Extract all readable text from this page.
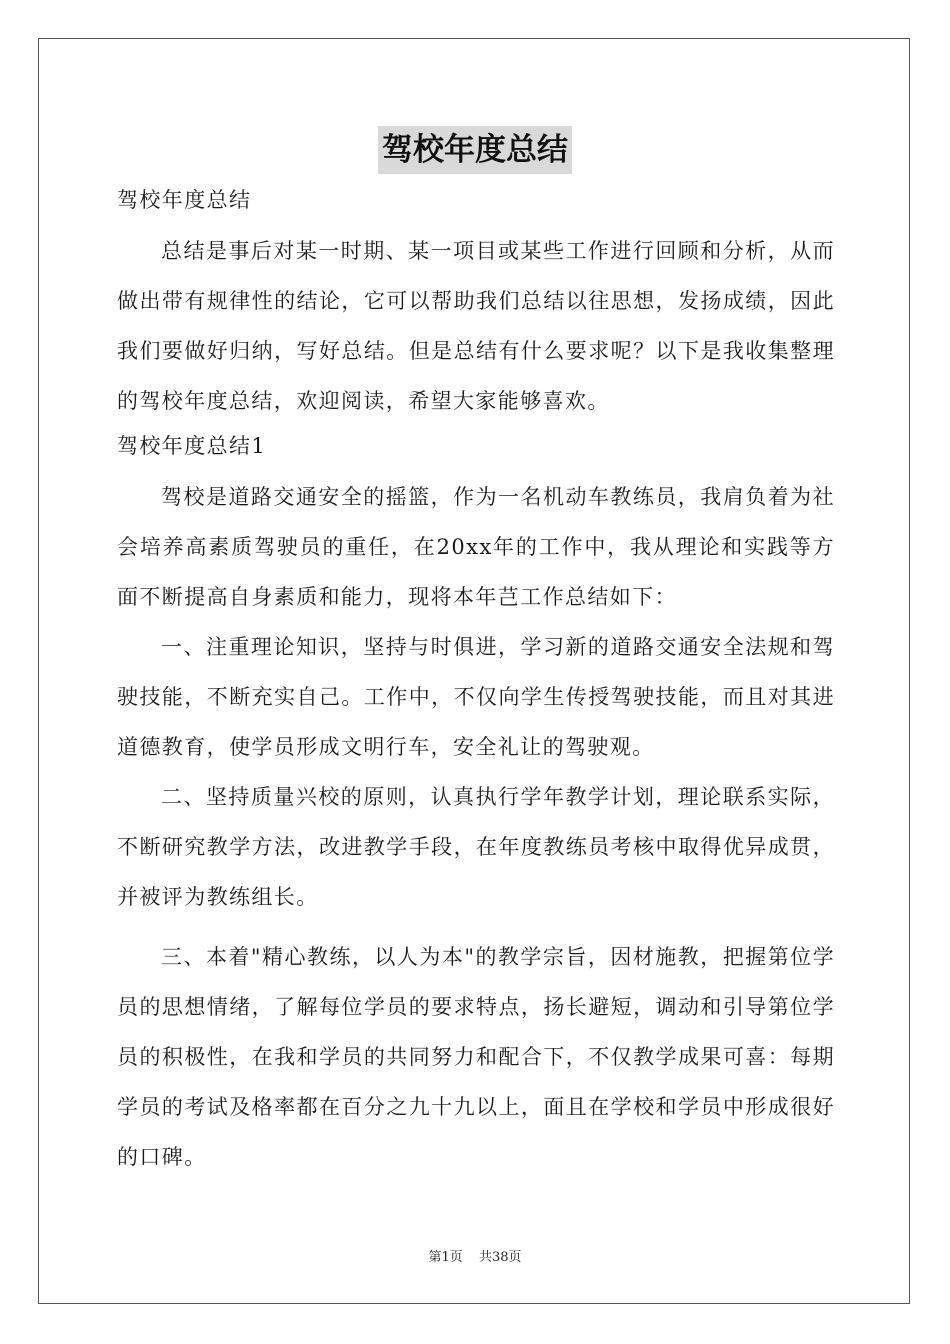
驾校年度总结

驾校年度总结

总结是事后对某一时期、某一项目或某些工作进行回顾和分析，从而做出带有规律性的结论，它可以帮助我们总结以往思想，发扬成绩，因此我们要做好归纳，写好总结。但是总结有什么要求呢？以下是我收集整理的驾校年度总结，欢迎阅读，希望大家能够喜欢。

驾校年度总结1

驾校是道路交通安全的摇篮，作为一名机动车教练员，我肩负着为社会培养高素质驾驶员的重任，在20xx年的工作中，我从理论和实践等方面不断提高自身素质和能力，现将本年芑工作总结如下：

一、注重理论知识，坚持与时俱进，学习新的道路交通安全法规和驾驶技能，不断充实自己。工作中，不仅向学生传授驾驶技能，而且对其进道德教育，使学员形成文明行车，安全礼让的驾驶观。

二、坚持质量兴校的原则，认真执行学年教学计划，理论联系实际，不断研究教学方法，改进教学手段，在年度教练员考核中取得优异成贯，并被评为教练组长。

三、本着"精心教练，以人为本"的教学宗旨，因材施教，把握第位学员的思想情绪，了解每位学员的要求特点，扬长避短，调动和引导第位学员的积极性，在我和学员的共同努力和配合下，不仅教学成果可喜：每期学员的考试及格率都在百分之九十九以上，面且在学校和学员中形成很好的口碑。

第1页 共38页
